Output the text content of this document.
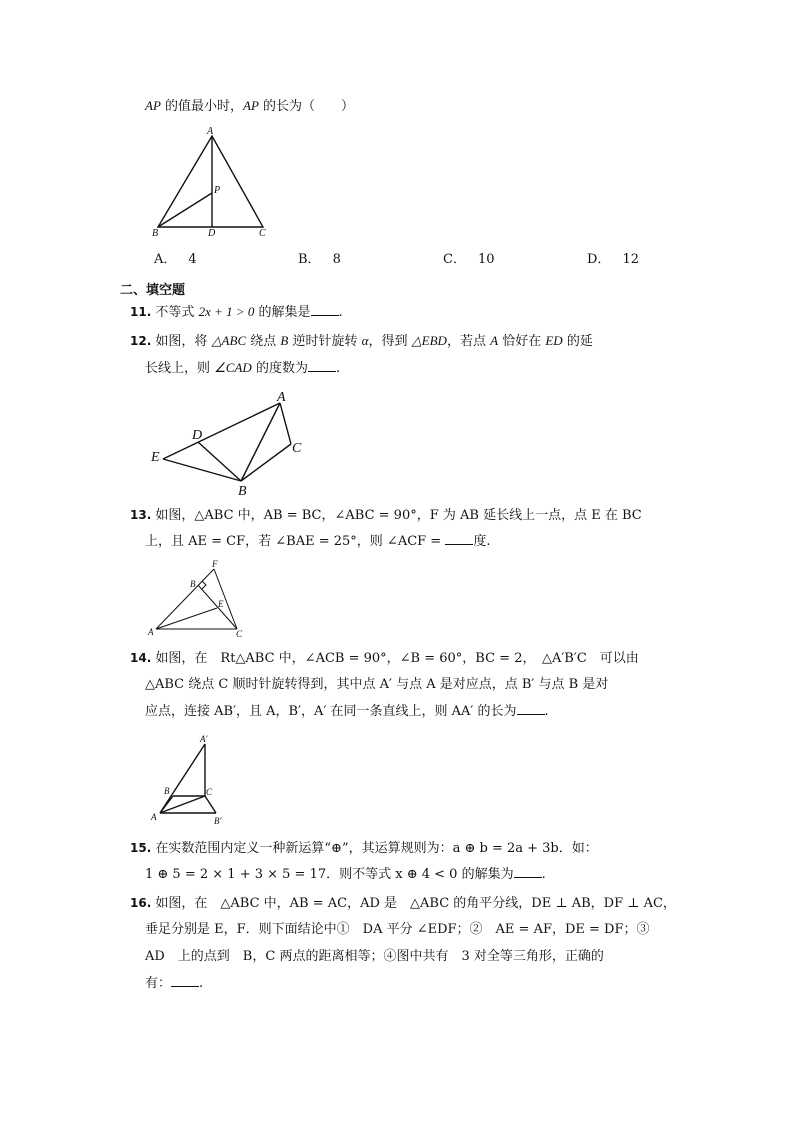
AP 的值最小时，AP 的长为（　　）
A
P
B	D	C
A． 4	B． 8	C． 10	D． 12
二、填空题
11. 不等式 2x + 1 > 0 的解集是 .
12. 如图，将 △ABC 绕点 B 逆时针旋转 α，得到 △EBD，若点 A 恰好在 ED 的延
长线上，则 ∠CAD 的度数为 .
A
D
C
E
B
13. 如图，△ABC 中，AB = BC，∠ABC = 90°，F 为 AB 延长线上一点，点 E 在 BC
上，且 AE = CF，若 ∠BAE = 25°，则 ∠ACF = 度.
F
B
E
A	C
14. 如图，在　Rt△ABC 中，∠ACB = 90°，∠B = 60°，BC = 2，　△A′B′C　可以由
△ABC 绕点 C 顺时针旋转得到，其中点 A′ 与点 A 是对应点，点 B′ 与点 B 是对
应点，连接 AB′，且 A，B′，A′ 在同一条直线上，则 AA′ 的长为 .
A′
B	C
A	B′
15. 在实数范围内定义一种新运算“⊕”，其运算规则为：a ⊕ b = 2a + 3b．如：
1 ⊕ 5 = 2 × 1 + 3 × 5 = 17．则不等式 x ⊕ 4 < 0 的解集为 .
16. 如图，在　△ABC 中，AB = AC，AD 是　△ABC 的角平分线，DE ⊥ AB，DF ⊥ AC，
垂足分别是 E，F．则下面结论中①　DA 平分 ∠EDF；②　AE = AF，DE = DF；③
AD　上的点到　B，C 两点的距离相等；④图中共有　3 对全等三角形，正确的
有： .
